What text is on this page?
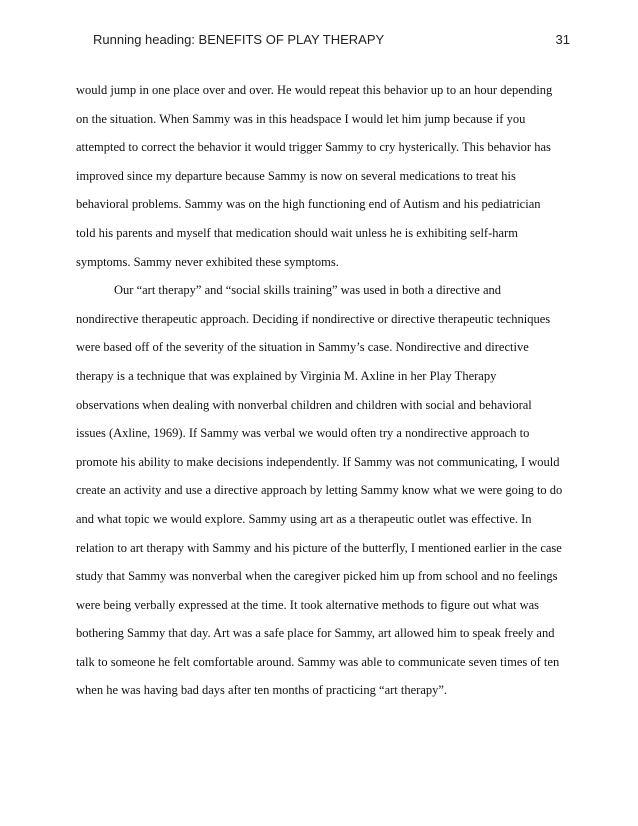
Running heading: BENEFITS OF PLAY THERAPY	31

would jump in one place over and over. He would repeat this behavior up to an hour depending
on the situation. When Sammy was in this headspace I would let him jump because if you
attempted to correct the behavior it would trigger Sammy to cry hysterically. This behavior has
improved since my departure because Sammy is now on several medications to treat his
behavioral problems. Sammy was on the high functioning end of Autism and his pediatrician
told his parents and myself that medication should wait unless he is exhibiting self-harm
symptoms. Sammy never exhibited these symptoms.

Our “art therapy” and “social skills training” was used in both a directive and
nondirective therapeutic approach. Deciding if nondirective or directive therapeutic techniques
were based off of the severity of the situation in Sammy’s case. Nondirective and directive
therapy is a technique that was explained by Virginia M. Axline in her Play Therapy
observations when dealing with nonverbal children and children with social and behavioral
issues (Axline, 1969). If Sammy was verbal we would often try a nondirective approach to
promote his ability to make decisions independently. If Sammy was not communicating, I would
create an activity and use a directive approach by letting Sammy know what we were going to do
and what topic we would explore. Sammy using art as a therapeutic outlet was effective. In
relation to art therapy with Sammy and his picture of the butterfly, I mentioned earlier in the case
study that Sammy was nonverbal when the caregiver picked him up from school and no feelings
were being verbally expressed at the time. It took alternative methods to figure out what was
bothering Sammy that day. Art was a safe place for Sammy, art allowed him to speak freely and
talk to someone he felt comfortable around. Sammy was able to communicate seven times of ten
when he was having bad days after ten months of practicing “art therapy”.
